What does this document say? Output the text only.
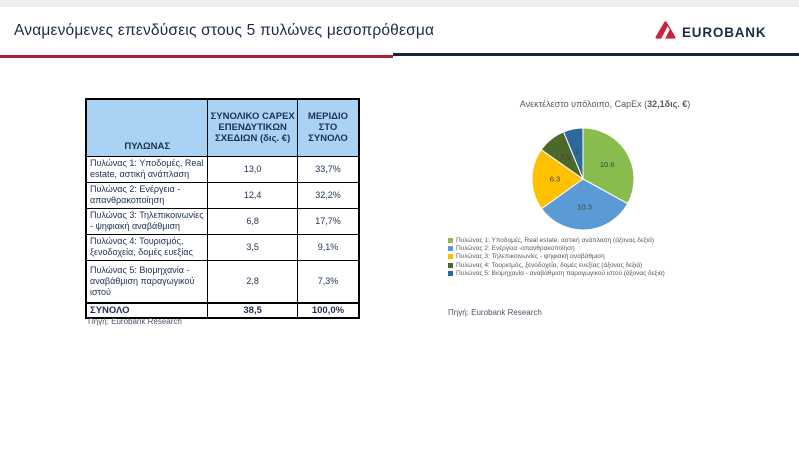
Αναμενόμενες επενδύσεις στους 5 πυλώνες μεσοπρόθεσμα	EUROBANK
ΠΥΛΩΝΑΣ	ΣΥΝΟΛΙΚΟ CAPEX ΕΠΕΝΔΥΤΙΚΩΝ ΣΧΕΔΙΩΝ (δις. €)	ΜΕΡΙΔΙΟ ΣΤΟ ΣΥΝΟΛΟ
Πυλώνας 1: Υποδομές, Real estate, αστική ανάπλαση	13,0	33,7%
Πυλώνας 2: Ενέργεια - απανθρακοποίηση	12,4	32,2%
Πυλώνας 3: Τηλεπικοινωνίες - ψηφιακή αναβάθμιση	6,8	17,7%
Πυλώνας 4: Τουρισμός, ξενοδοχεία, δομές ευεξίας	3,5	9,1%
Πυλώνας 5: Βιομηχανία - αναβάθμιση παραγωγικού ιστού	2,8	7,3%
ΣΥΝΟΛΟ	38,5	100,0%
Πηγή: Eurobank Research
Ανεκτέλεστο υπόλοιπο, CapEx (32,1δις. €)
10.6
10.3
6.3
2.9
2
Πυλώνας 1: Υποδομές, Real estate, αστική ανάπλαση (άξονας δεξιά)
Πυλώνας 2: Ενέργεια -απανθρακοποίηση
Πυλώνας 3: Τηλεπικοινωνίες - ψηφιακή αναβάθμιση
Πυλώνας 4: Τουρισμός, ξενοδοχεία, δομές ευεξίας (άξονας δεξιά)
Πυλώνας 5: Βιομηχανία - αναβάθμιση παραγωγικού ιστού (άξονας δεξιά)
Πηγή: Eurobank Research
